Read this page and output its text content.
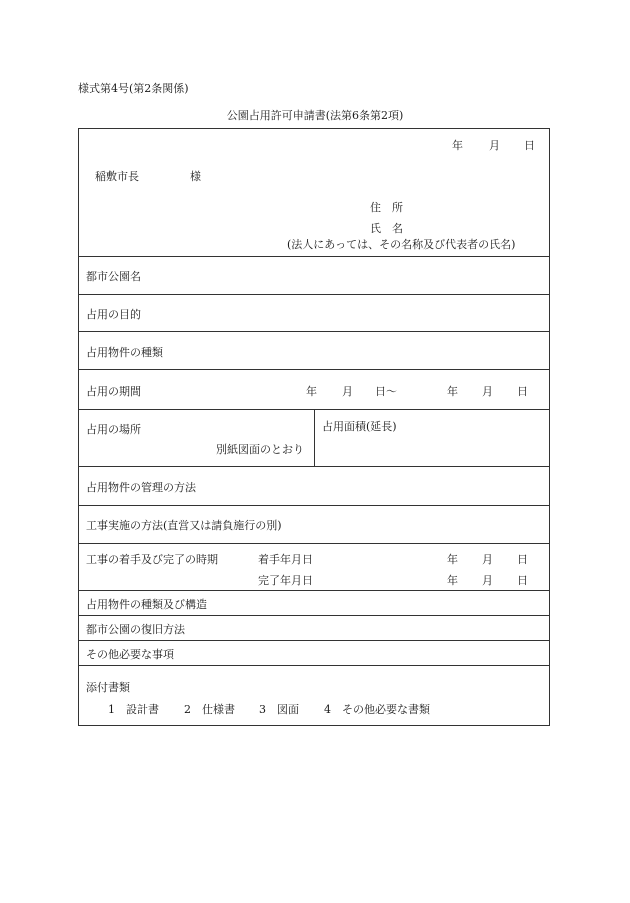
様式第4号(第2条関係)
公園占用許可申請書(法第6条第2項)
年 月 日
稲敷市長	様
住　所
氏　名
(法人にあっては、その名称及び代表者の氏名)
都市公園名
占用の目的
占用物件の種類
占用の期間	年 月 日〜	年 月 日
占用の場所
別紙図面のとおり
占用面積(延長)
占用物件の管理の方法
工事実施の方法(直営又は請負施行の別)
工事の着手及び完了の時期	着手年月日	年 月 日
完了年月日	年 月 日
占用物件の種類及び構造
都市公園の復旧方法
その他必要な事項
添付書類
1　設計書 2　仕様書 3　図面 4　その他必要な書類
